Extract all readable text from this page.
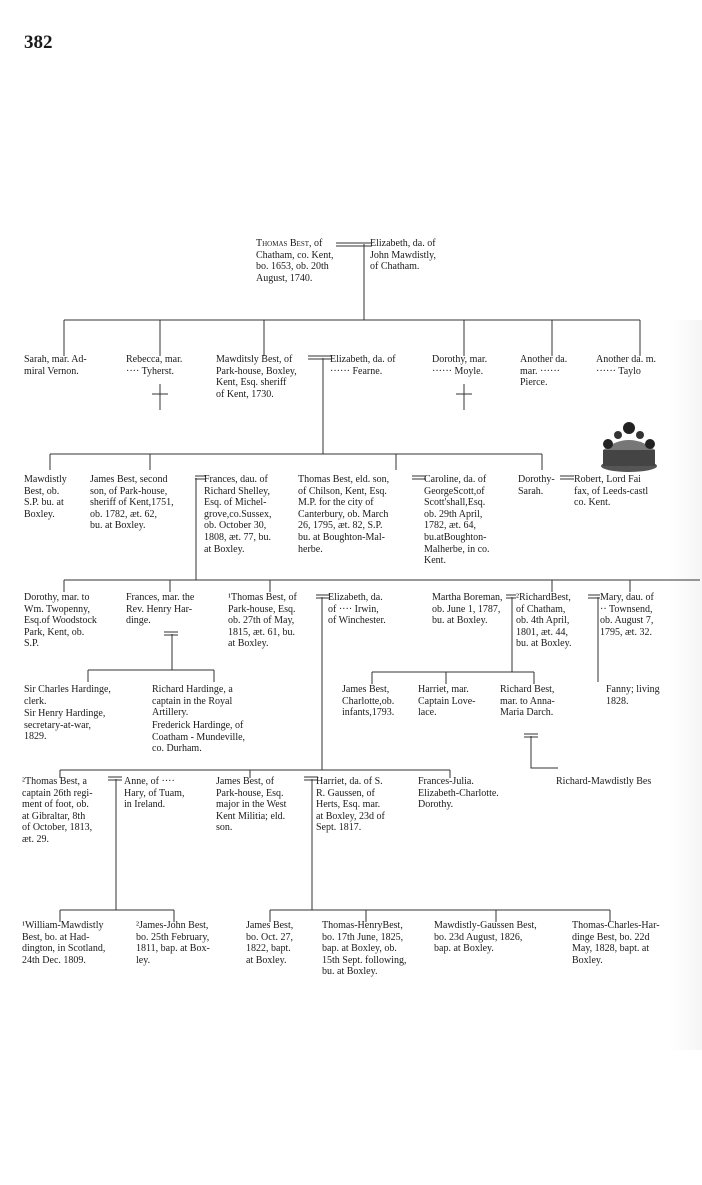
382
Thomas Best, of
Chatham, co. Kent,
bo. 1653, ob. 20th
August, 1740.
Elizabeth, da. of
John Mawdistly,
of Chatham.
Sarah, mar. Ad-
miral Vernon.
Rebecca, mar.
···· Tyherst.
Mawditsly Best, of
Park-house, Boxley,
Kent, Esq. sheriff
of Kent, 1730.
Elizabeth, da. of
······ Fearne.
Dorothy, mar.
······ Moyle.
Another da.
mar. ······
Pierce.
Another da. m.
······ Taylo
Mawdistly
Best, ob.
S.P. bu. at
Boxley.
James Best, second
son, of Park-house,
sheriff of Kent,1751,
ob. 1782, æt. 62,
bu. at Boxley.
Frances, dau. of
Richard Shelley,
Esq. of Michel-
grove,co.Sussex,
ob. October 30,
1808, æt. 77, bu.
at Boxley.
Thomas Best, eld. son,
of Chilson, Kent, Esq.
M.P. for the city of
Canterbury, ob. March
26, 1795, æt. 82, S.P.
bu. at Boughton-Mal-
herbe.
Caroline, da. of
GeorgeScott,of
Scott'shall,Esq.
ob. 29th April,
1782, æt. 64,
bu.atBoughton-
Malherbe, in co.
Kent.
Dorothy-
Sarah.
Robert, Lord Fai
fax, of Leeds-castl
co. Kent.
Dorothy, mar. to
Wm. Twopenny,
Esq.of Woodstock
Park, Kent, ob.
S.P.
Frances, mar. the
Rev. Henry Har-
dinge.
¹Thomas Best, of
Park-house, Esq.
ob. 27th of May,
1815, æt. 61, bu.
at Boxley.
Elizabeth, da.
of ···· Irwin,
of Winchester.
Martha Boreman,
ob. June 1, 1787,
bu. at Boxley.
²RichardBest,
of Chatham,
ob. 4th April,
1801, æt. 44,
bu. at Boxley.
Mary, dau. of
·· Townsend,
ob. August 7,
1795, æt. 32.
Sir Charles Hardinge,
clerk.
Sir Henry Hardinge,
secretary-at-war,
1829.
Richard Hardinge, a
captain in the Royal
Artillery.
Frederick Hardinge, of
Coatham - Mundeville,
co. Durham.
James Best,
Charlotte,ob.
infants,1793.
Harriet, mar.
Captain Love-
lace.
Richard Best,
mar. to Anna-
Maria Darch.
Fanny; living
1828.
Richard-Mawdistly Bes
²Thomas Best, a
captain 26th regi-
ment of foot, ob.
at Gibraltar, 8th
of October, 1813,
æt. 29.
Anne, of ····
Hary, of Tuam,
in Ireland.
James Best, of
Park-house, Esq.
major in the West
Kent Militia; eld.
son.
Harriet, da. of S.
R. Gaussen, of
Herts, Esq. mar.
at Boxley, 23d of
Sept. 1817.
Frances-Julia.
Elizabeth-Charlotte.
Dorothy.
¹William-Mawdistly
Best, bo. at Had-
dington, in Scotland,
24th Dec. 1809.
²James-John Best,
bo. 25th February,
1811, bap. at Box-
ley.
James Best,
bo. Oct. 27,
1822, bapt.
at Boxley.
Thomas-HenryBest,
bo. 17th June, 1825,
bap. at Boxley, ob.
15th Sept. following,
bu. at Boxley.
Mawdistly-Gaussen Best,
bo. 23d August, 1826,
bap. at Boxley.
Thomas-Charles-Har-
dinge Best, bo. 22d
May, 1828, bapt. at
Boxley.
